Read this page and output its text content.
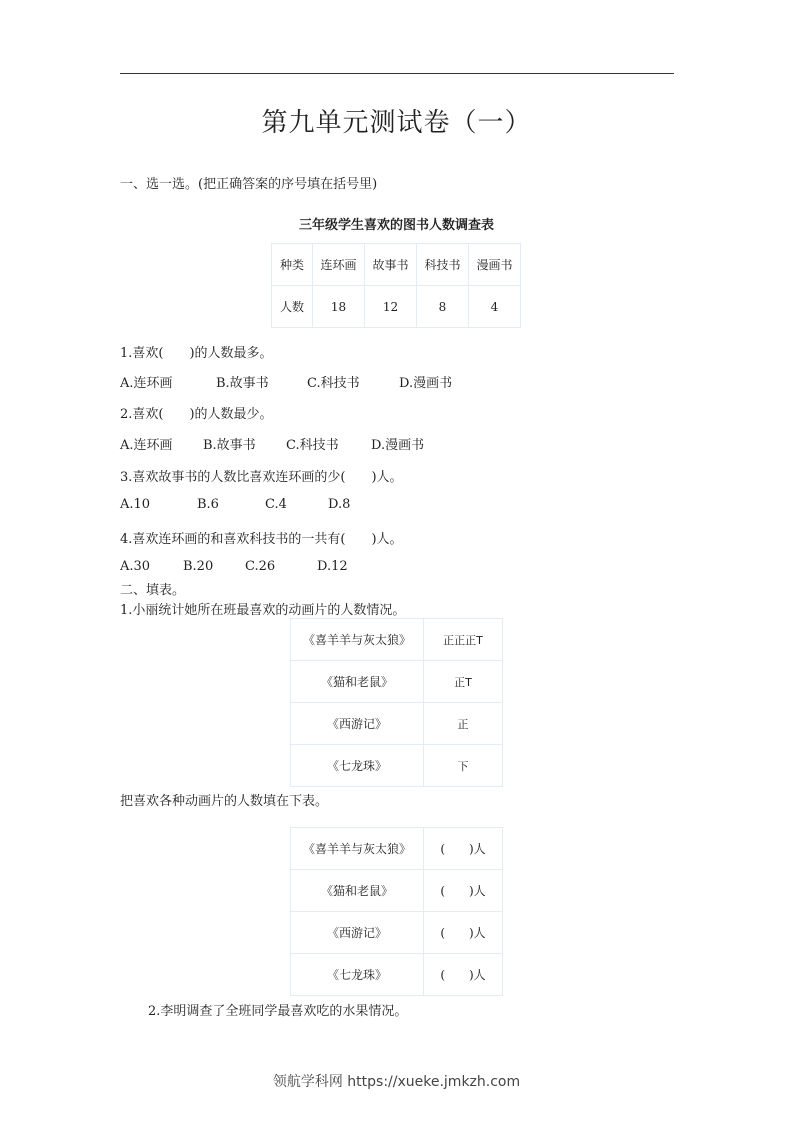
第九单元测试卷（一）
一、选一选。(把正确答案的序号填在括号里)
三年级学生喜欢的图书人数调查表
种类	连环画	故事书	科技书	漫画书
人数	18	12	8	4
1.喜欢(　　)的人数最多。
A.连环画	B.故事书	C.科技书	D.漫画书
2.喜欢(　　)的人数最少。
A.连环画 B.故事书 C.科技书 D.漫画书
3.喜欢故事书的人数比喜欢连环画的少(　　)人。
A.10	B.6	C.4	D.8
4.喜欢连环画的和喜欢科技书的一共有(　　)人。
A.30	B.20 C.26	D.12
二、填表。
1.小丽统计她所在班最喜欢的动画片的人数情况。
《喜羊羊与灰太狼》	正正正T
《猫和老鼠》	正T
《西游记》	正
《七龙珠》	下
把喜欢各种动画片的人数填在下表。
《喜羊羊与灰太狼》	(　　)人
《猫和老鼠》	(　　)人
《西游记》	(　　)人
《七龙珠》	(　　)人
2.李明调查了全班同学最喜欢吃的水果情况。
领航学科网 https://xueke.jmkzh.com
